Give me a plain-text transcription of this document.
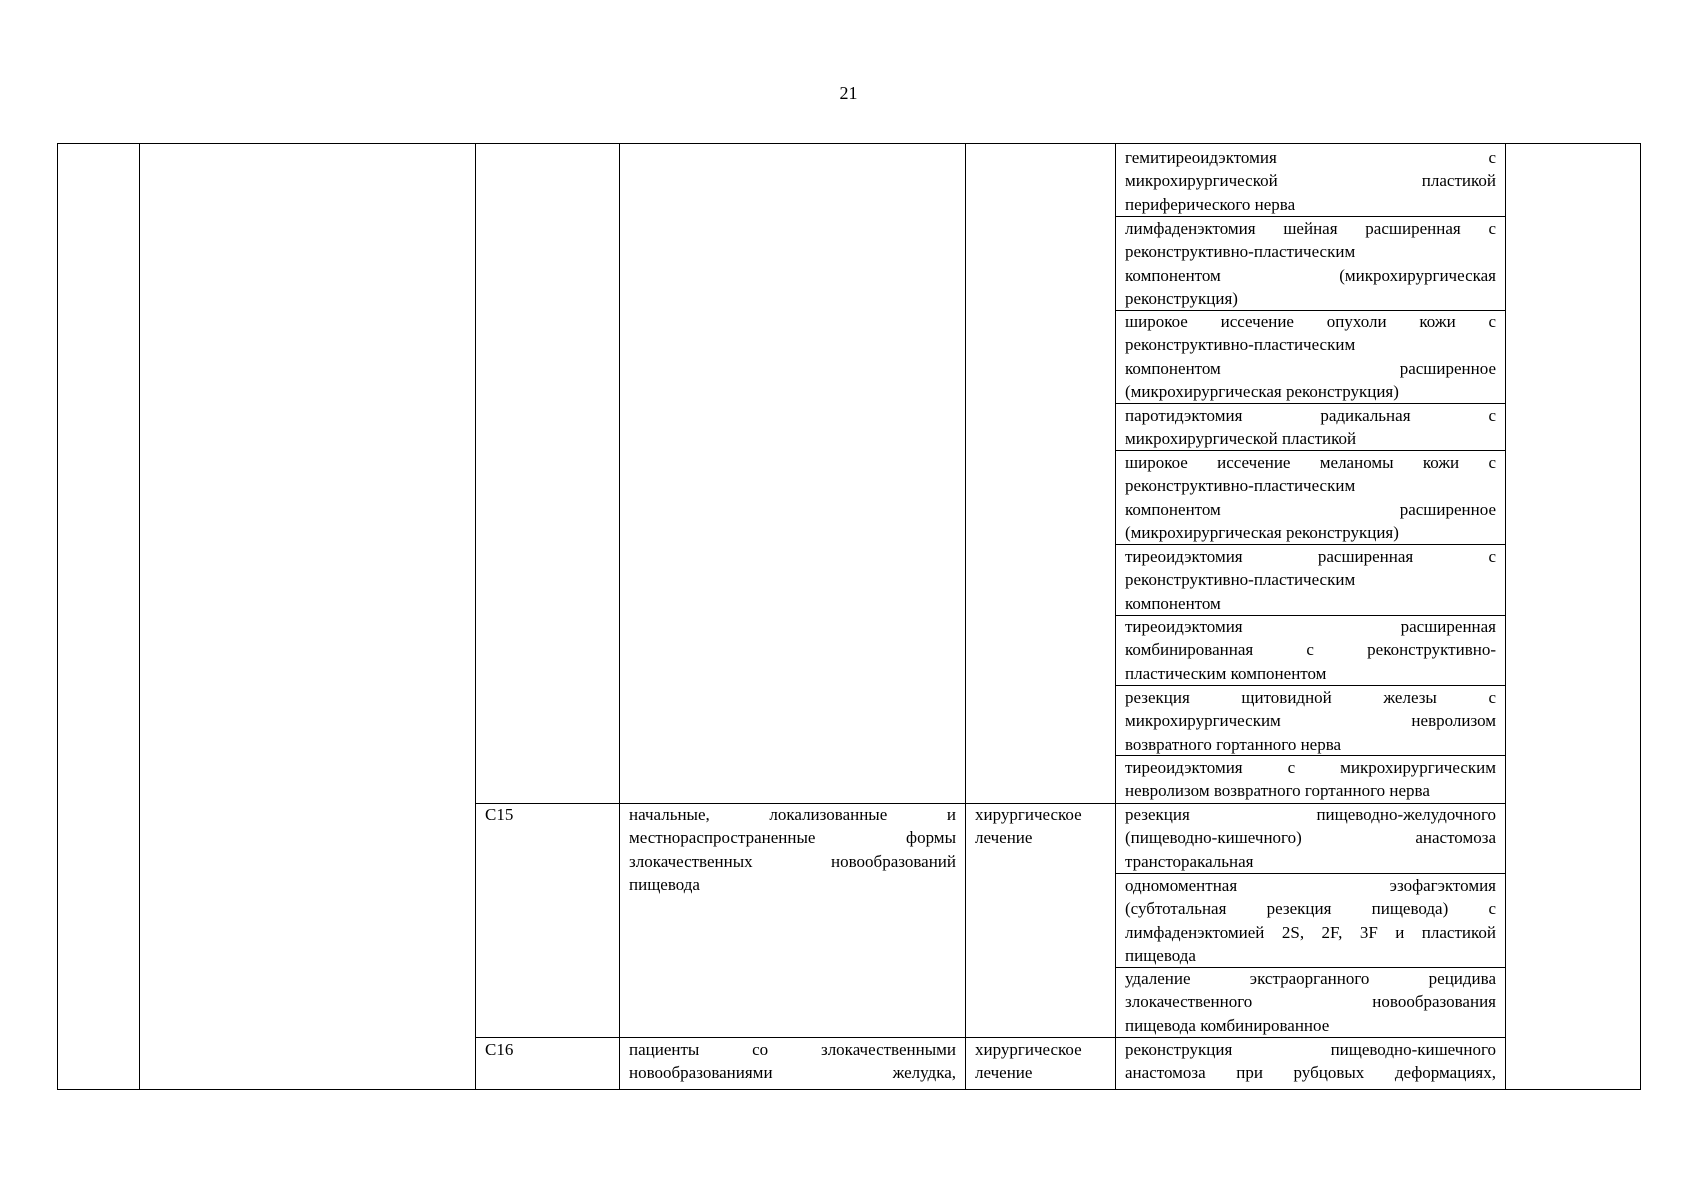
21
гемитиреоидэктомия с
микрохирургической пластикой
периферического нерва
лимфаденэктомия шейная расширенная с
реконструктивно-пластическим
компонентом (микрохирургическая
реконструкция)
широкое иссечение опухоли кожи с
реконструктивно-пластическим
компонентом расширенное
(микрохирургическая реконструкция)
паротидэктомия радикальная с
микрохирургической пластикой
широкое иссечение меланомы кожи с
реконструктивно-пластическим
компонентом расширенное
(микрохирургическая реконструкция)
тиреоидэктомия расширенная с
реконструктивно-пластическим
компонентом
тиреоидэктомия расширенная
комбинированная с реконструктивно-
пластическим компонентом
резекция щитовидной железы с
микрохирургическим невролизом
возвратного гортанного нерва
тиреоидэктомия с микрохирургическим
невролизом возвратного гортанного нерва
C15	начальные, локализованные и
местнораспространенные формы
злокачественных новообразований
пищевода
хирургическое
лечение
резекция пищеводно-желудочного
(пищеводно-кишечного) анастомоза
трансторакальная
одномоментная эзофагэктомия
(субтотальная резекция пищевода) с
лимфаденэктомией 2S, 2F, 3F и пластикой
пищевода
удаление экстраорганного рецидива
злокачественного новообразования
пищевода комбинированное
C16	пациенты со злокачественными
новообразованиями желудка,
хирургическое
лечение
реконструкция пищеводно-кишечного
анастомоза при рубцовых деформациях,
